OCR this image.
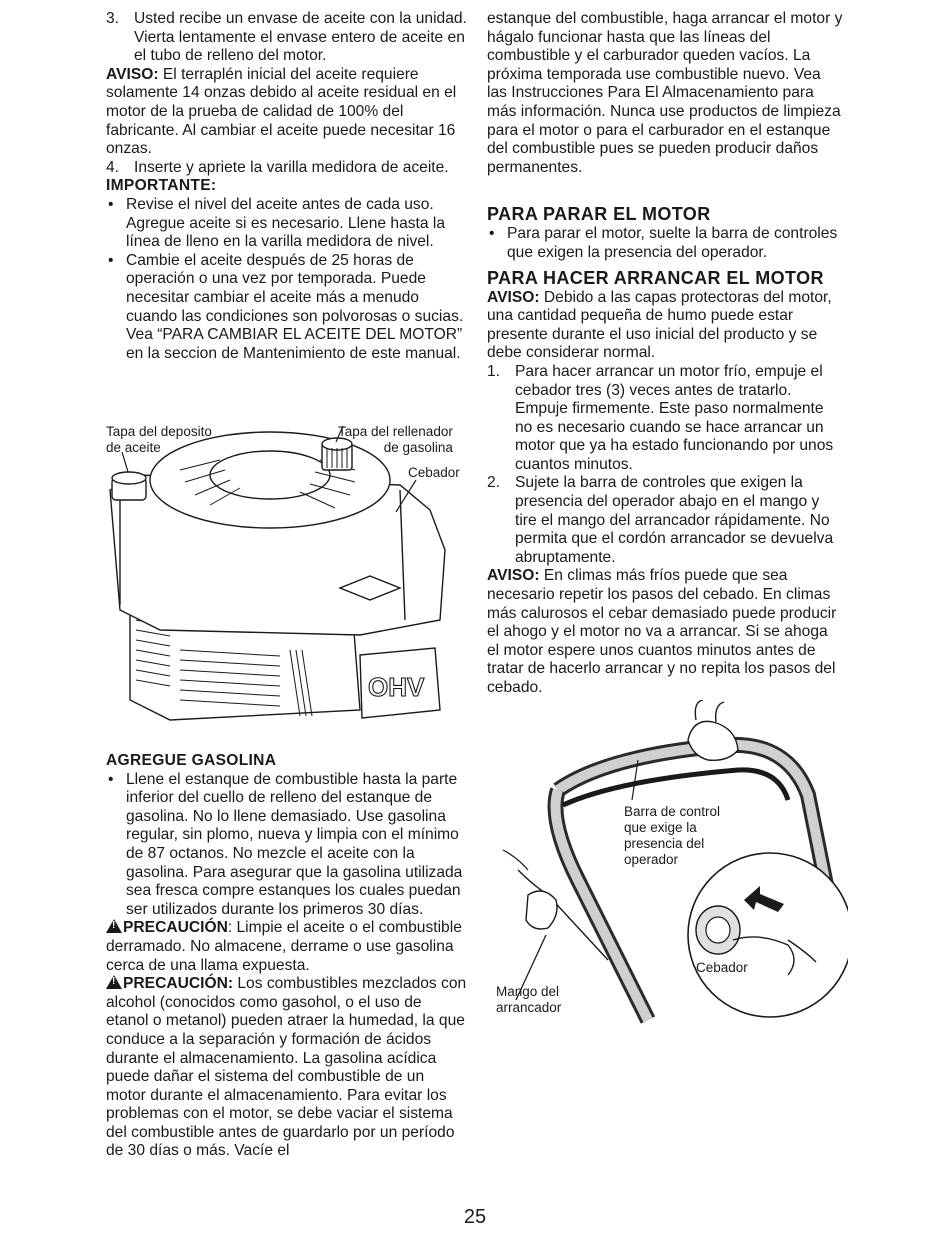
3. Usted recibe un envase de aceite con la unidad. Vierta lentamente el envase entero de aceite en el tubo de relleno del motor.

AVISO: El terraplén inicial del aceite requiere solamente 14 onzas debido al aceite residual en el motor de la prueba de calidad de 100% del fabricante. Al cambiar el aceite puede necesitar 16 onzas.

4. Inserte y apriete la varilla medidora de aceite.

IMPORTANTE:

• Revise el nivel del aceite antes de cada uso. Agregue aceite si es necesario. Llene hasta la línea de lleno en la varilla medidora de nivel.

• Cambie el aceite después de 25 horas de operación o una vez por temporada. Puede necesitar cambiar el aceite más a menudo cuando las condiciones son polvorosas o sucias. Vea “PARA CAMBIAR EL ACEITE DEL MOTOR” en la seccion de Mantenimiento de este manual.

OHV
Tapa del deposito
de aceite
Tapa del rellenador
de gasolina
Cebador

AGREGUE GASOLINA

• Llene el estanque de combustible hasta la parte inferior del cuello de relleno del estanque de gasolina. No lo llene demasiado. Use gasolina regular, sin plomo, nueva y limpia con el mínimo de 87 octanos. No mezcle el aceite con la gasolina. Para asegurar que la gasolina utilizada sea fresca compre estanques los cuales puedan ser utilizados durante los primeros 30 días.

!PRECAUCIÓN: Limpie el aceite o el combustible derramado. No almacene, derrame o use gasolina cerca de una llama expuesta.

!PRECAUCIÓN: Los combustibles mezclados con alcohol (conocidos como gasohol, o el uso de etanol o metanol) pueden atraer la humedad, la que conduce a la separación y formación de ácidos durante el almacenamiento. La gasolina acídica puede dañar el sistema del combustible de un motor durante el almacenamiento. Para evitar los problemas con el motor, se debe vaciar el sistema del combustible antes de guardarlo por un período de 30 días o más. Vacíe el

estanque del combustible, haga arrancar el motor y hágalo funcionar hasta que las líneas del combustible y el carburador queden vacíos. La próxima temporada use combustible nuevo. Vea las Instrucciones Para El Almacenamiento para más información. Nunca use productos de limpieza para el motor o para el carburador en el estanque del combustible pues se pueden producir daños permanentes.

PARA PARAR EL MOTOR

• Para parar el motor, suelte la barra de controles que exigen la presencia del operador.

PARA HACER ARRANCAR EL MOTOR

AVISO: Debido a las capas protectoras del motor, una cantidad pequeña de humo puede estar presente durante el uso inicial del producto y se debe considerar normal.

1. Para hacer arrancar un motor frío, empuje el cebador tres (3) veces antes de tratarlo. Empuje firmemente. Este paso normalmente no es necesario cuando se hace arrancar un motor que ya ha estado funcionando por unos cuantos minutos.

2. Sujete la barra de controles que exigen la presencia del operador abajo en el mango y tire el mango del arrancador rápidamente. No permita que el cordón arrancador se devuelva abruptamente.

AVISO: En climas más fríos puede que sea necesario repetir los pasos del cebado. En climas más calurosos el cebar demasiado puede producir el ahogo y el motor no va a arrancar. Si se ahoga el motor espere unos cuantos minutos antes de tratar de hacerlo arrancar y no repita los pasos del cebado.

Barra de control
que exige la
presencia del
operador
Mango del
arrancador
Cebador
25
